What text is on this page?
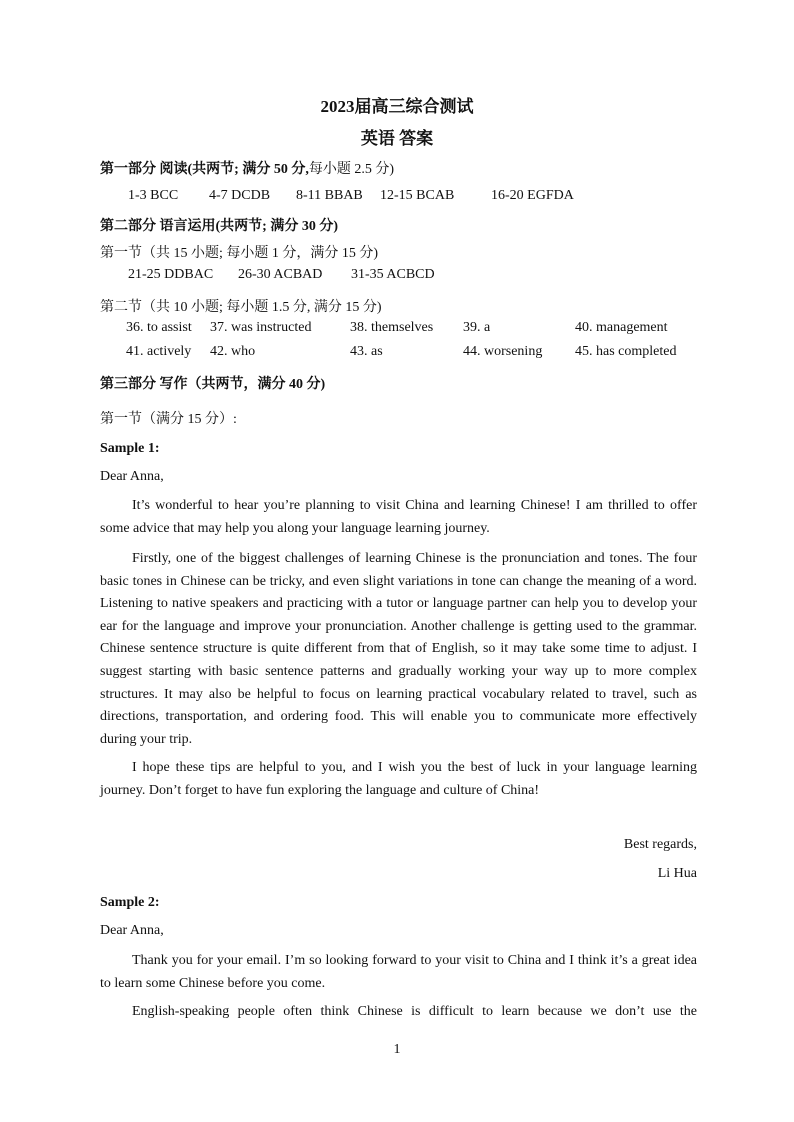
2023届高三综合测试
英语 答案
第一部分 阅读(共两节; 满分 50 分,每小题 2.5 分)
1-3 BCC 4-7 DCDB 8-11 BBAB 12-15 BCAB	16-20 EGFDA
第二部分 语言运用(共两节; 满分 30 分)
第一节（共 15 小题; 每小题 1 分，满分 15 分)
21-25 DDBAC 26-30 ACBAD 31-35 ACBCD
第二节（共 10 小题; 每小题 1.5 分, 满分 15 分)
36. to assist 37. was instructed	38. themselves 39. a	40. management
41. actively 42. who	43. as	44. worsening 45. has completed
第三部分 写作（共两节，满分 40 分)
第一节（满分 15 分）:
Sample 1:
Dear Anna,
It’s wonderful to hear you’re planning to visit China and learning Chinese! I am thrilled to offer some advice that may help you along your language learning journey.
Firstly, one of the biggest challenges of learning Chinese is the pronunciation and tones. The four basic tones in Chinese can be tricky, and even slight variations in tone can change the meaning of a word. Listening to native speakers and practicing with a tutor or language partner can help you to develop your ear for the language and improve your pronunciation. Another challenge is getting used to the grammar. Chinese sentence structure is quite different from that of English, so it may take some time to adjust. I suggest starting with basic sentence patterns and gradually working your way up to more complex structures. It may also be helpful to focus on learning practical vocabulary related to travel, such as directions, transportation, and ordering food. This will enable you to communicate more effectively during your trip.
I hope these tips are helpful to you, and I wish you the best of luck in your language learning journey. Don’t forget to have fun exploring the language and culture of China!
Best regards,
Li Hua
Sample 2:
Dear Anna,
Thank you for your email. I’m so looking forward to your visit to China and I think it’s a great idea to learn some Chinese before you come.
English-speaking people often think Chinese is difficult to learn because we don’t use the
1
